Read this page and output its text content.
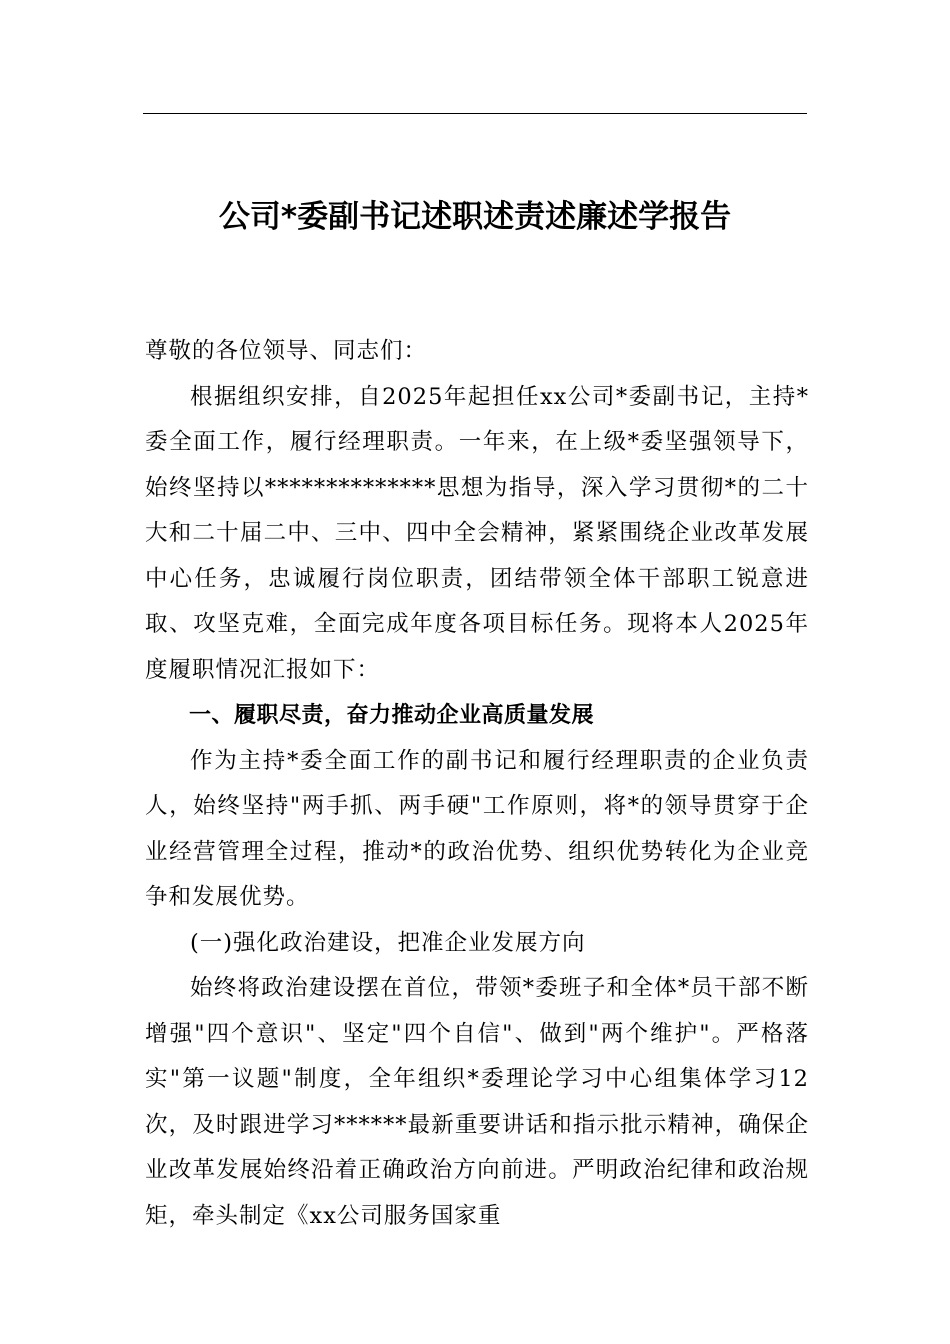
公司*委副书记述职述责述廉述学报告

尊敬的各位领导、同志们：

根据组织安排，自2025年起担任xx公司*委副书记，主持*委全面工作，履行经理职责。一年来，在上级*委坚强领导下，始终坚持以**************思想为指导，深入学习贯彻*的二十大和二十届二中、三中、四中全会精神，紧紧围绕企业改革发展中心任务，忠诚履行岗位职责，团结带领全体干部职工锐意进取、攻坚克难，全面完成年度各项目标任务。现将本人2025年度履职情况汇报如下：

一、履职尽责，奋力推动企业高质量发展

作为主持*委全面工作的副书记和履行经理职责的企业负责人，始终坚持"两手抓、两手硬"工作原则，将*的领导贯穿于企业经营管理全过程，推动*的政治优势、组织优势转化为企业竞争和发展优势。

(一)强化政治建设，把准企业发展方向

始终将政治建设摆在首位，带领*委班子和全体*员干部不断增强"四个意识"、坚定"四个自信"、做到"两个维护"。严格落实"第一议题"制度，全年组织*委理论学习中心组集体学习12次，及时跟进学习******最新重要讲话和指示批示精神，确保企业改革发展始终沿着正确政治方向前进。严明政治纪律和政治规矩，牵头制定《xx公司服务国家重
